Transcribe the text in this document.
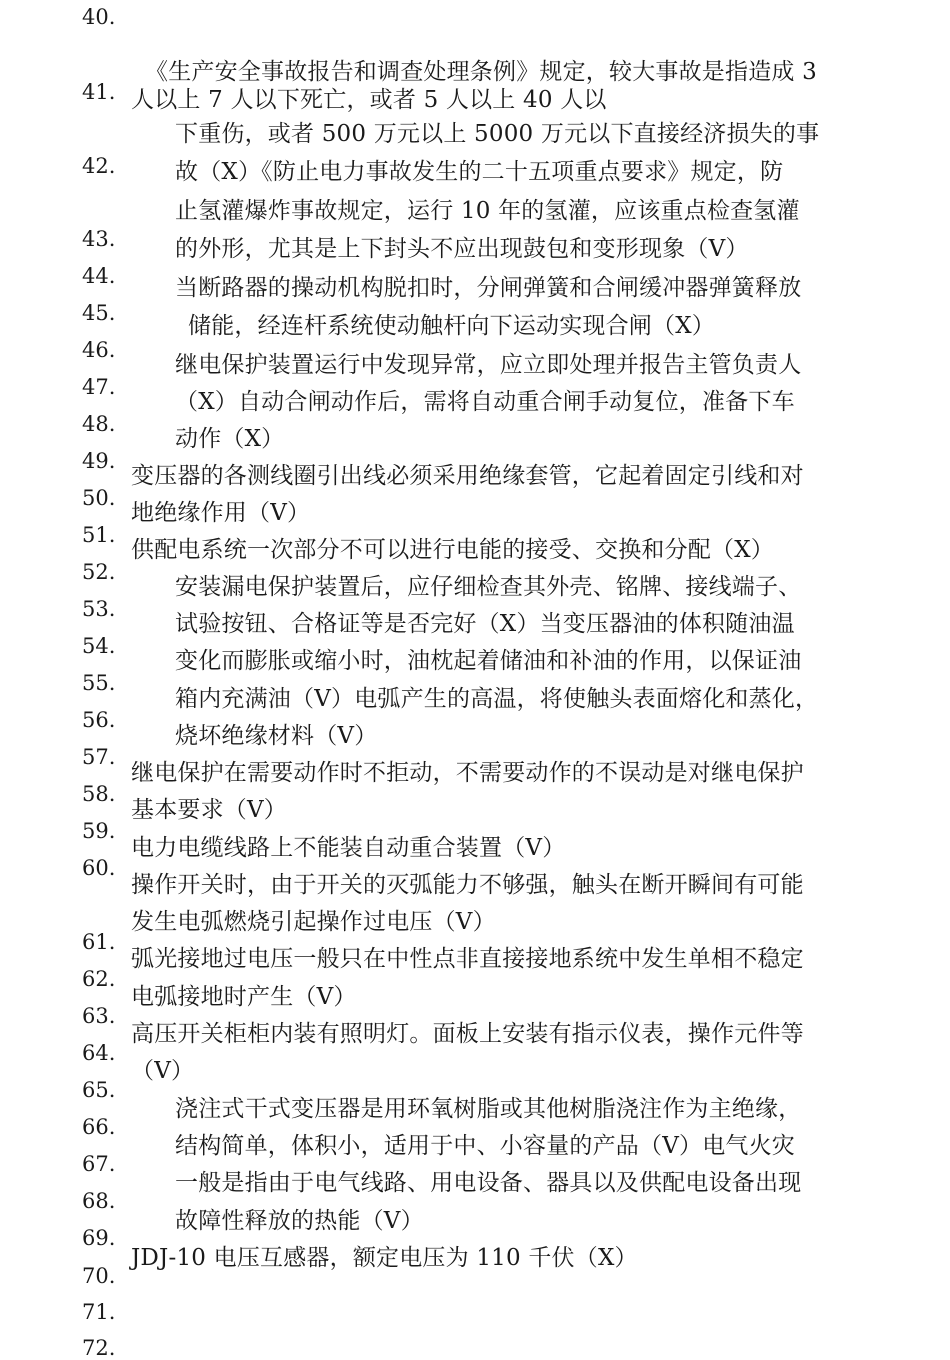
40.
41.
42.
43.
44.
45.
46.
47.
48.
49.
50.
51.
52.
53.
54.
55.
56.
57.
58.
59.
60.
61.
62.
63.
64.
65.
66.
67.
68.
69.
70.
71.
72.
《生产安全事故报告和调查处理条例》规定，较大事故是指造成 3
人以上 7 人以下死亡，或者 5 人以上 40 人以
下重伤，或者 500 万元以上 5000 万元以下直接经济损失的事
故（X）《防止电力事故发生的二十五项重点要求》规定，防
止氢灌爆炸事故规定，运行 10 年的氢灌，应该重点检查氢灌
的外形，尤其是上下封头不应出现鼓包和变形现象（V）
当断路器的操动机构脱扣时，分闸弹簧和合闸缓冲器弹簧释放
储能，经连杆系统使动触杆向下运动实现合闸（X）
继电保护装置运行中发现异常，应立即处理并报告主管负责人
（X）自动合闸动作后，需将自动重合闸手动复位，准备下车
动作（X）
变压器的各测线圈引出线必须采用绝缘套管，它起着固定引线和对
地绝缘作用（V）
供配电系统一次部分不可以进行电能的接受、交换和分配（X）
安装漏电保护装置后，应仔细检查其外壳、铭牌、接线端子、
试验按钮、合格证等是否完好（X）当变压器油的体积随油温
变化而膨胀或缩小时，油枕起着储油和补油的作用，以保证油
箱内充满油（V）电弧产生的高温，将使触头表面熔化和蒸化，
烧坏绝缘材料（V）
继电保护在需要动作时不拒动，不需要动作的不误动是对继电保护
基本要求（V）
电力电缆线路上不能装自动重合装置（V）
操作开关时，由于开关的灭弧能力不够强，触头在断开瞬间有可能
发生电弧燃烧引起操作过电压（V）
弧光接地过电压一般只在中性点非直接接地系统中发生单相不稳定
电弧接地时产生（V）
高压开关柜柜内装有照明灯。面板上安装有指示仪表，操作元件等
（V）
浇注式干式变压器是用环氧树脂或其他树脂浇注作为主绝缘，
结构简单，体积小，适用于中、小容量的产品（V）电气火灾
一般是指由于电气线路、用电设备、器具以及供配电设备出现
故障性释放的热能（V）
JDJ-10 电压互感器，额定电压为 110 千伏（X）
